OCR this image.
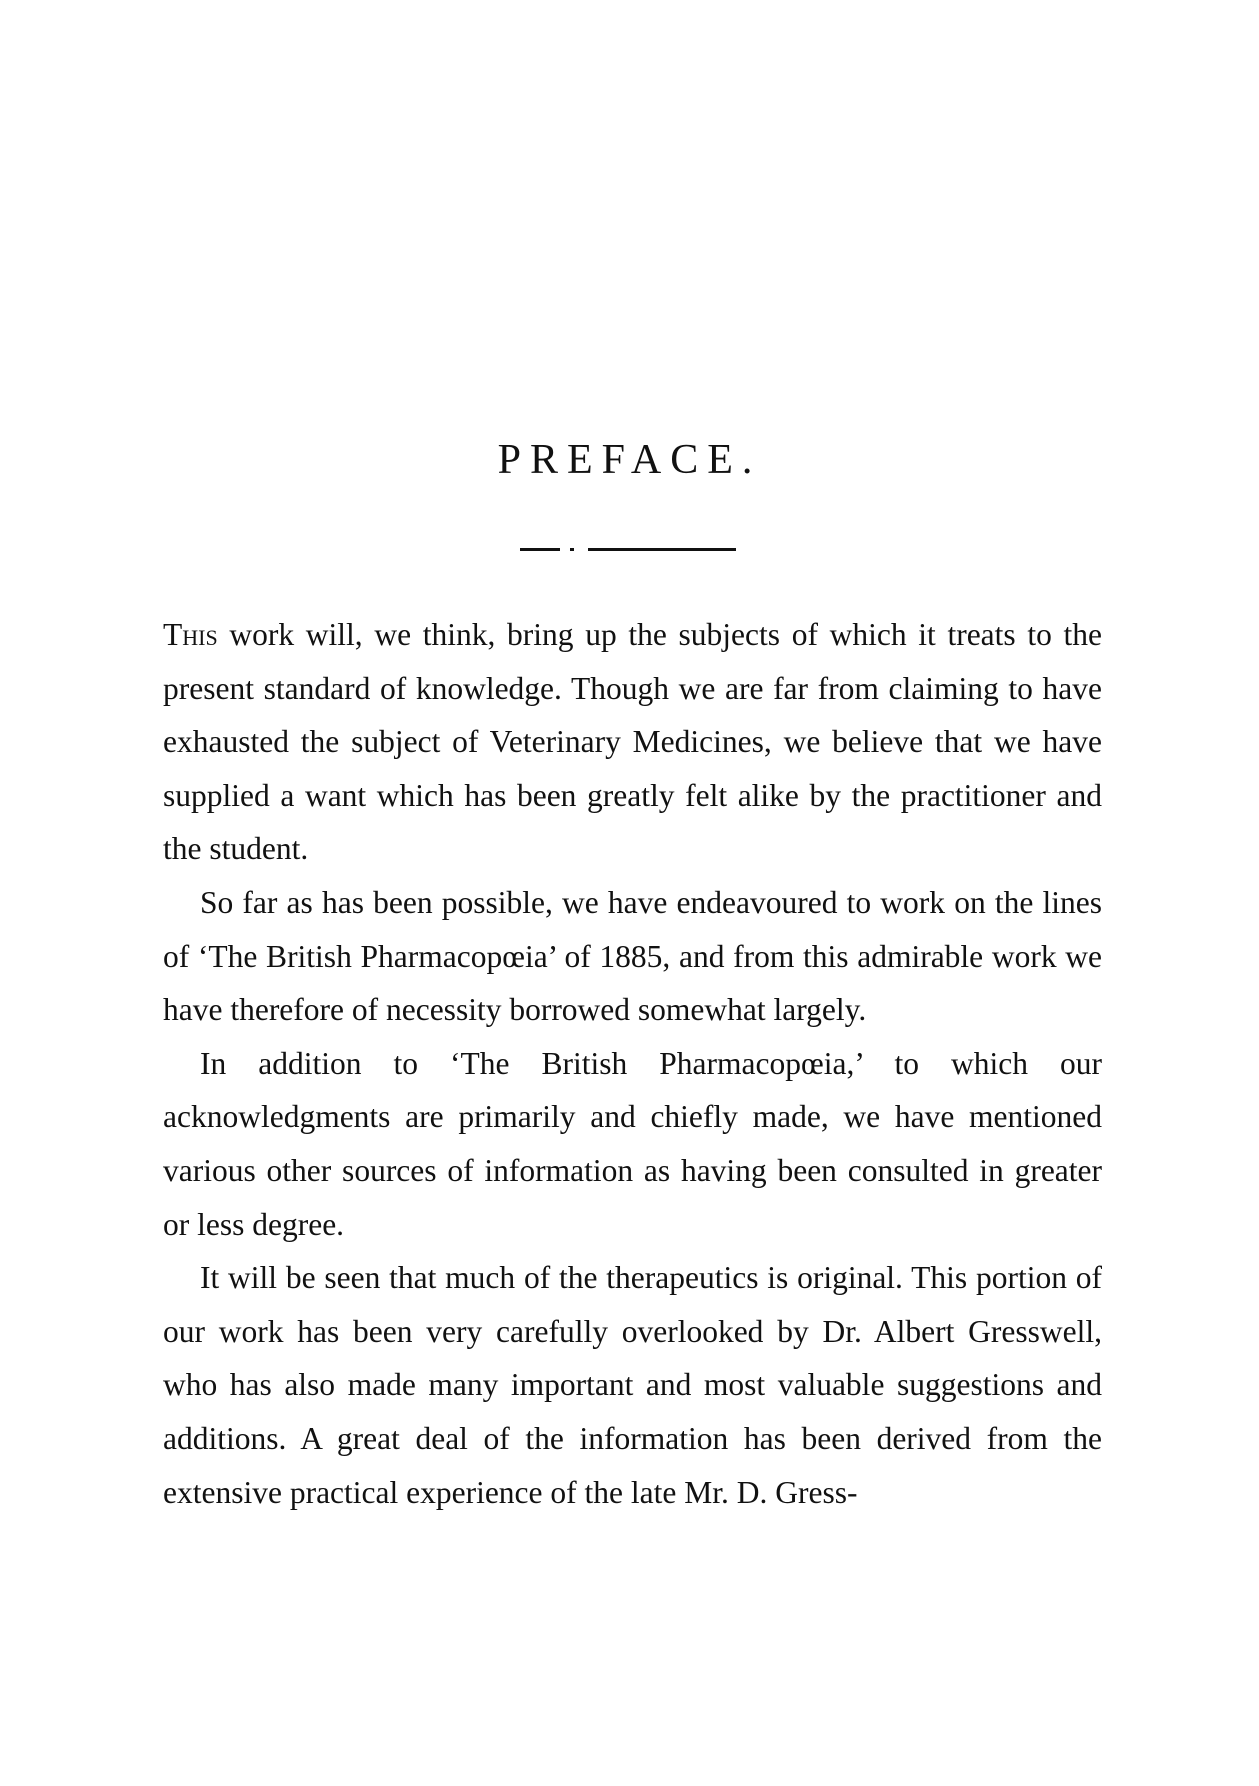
PREFACE.

This work will, we think, bring up the subjects of which it treats to the present standard of knowledge. Though we are far from claiming to have exhausted the subject of Veterinary Medicines, we believe that we have supplied a want which has been greatly felt alike by the practitioner and the student.

So far as has been possible, we have endeavoured to work on the lines of ‘The British Pharmacopœia’ of 1885, and from this admirable work we have therefore of necessity borrowed somewhat largely.

In addition to ‘The British Pharmacopœia,’ to which our acknowledgments are primarily and chiefly made, we have mentioned various other sources of information as having been consulted in greater or less degree.

It will be seen that much of the therapeutics is original. This portion of our work has been very carefully overlooked by Dr. Albert Gresswell, who has also made many important and most valuable suggestions and additions. A great deal of the information has been derived from the extensive practical experience of the late Mr. D. Gress-
